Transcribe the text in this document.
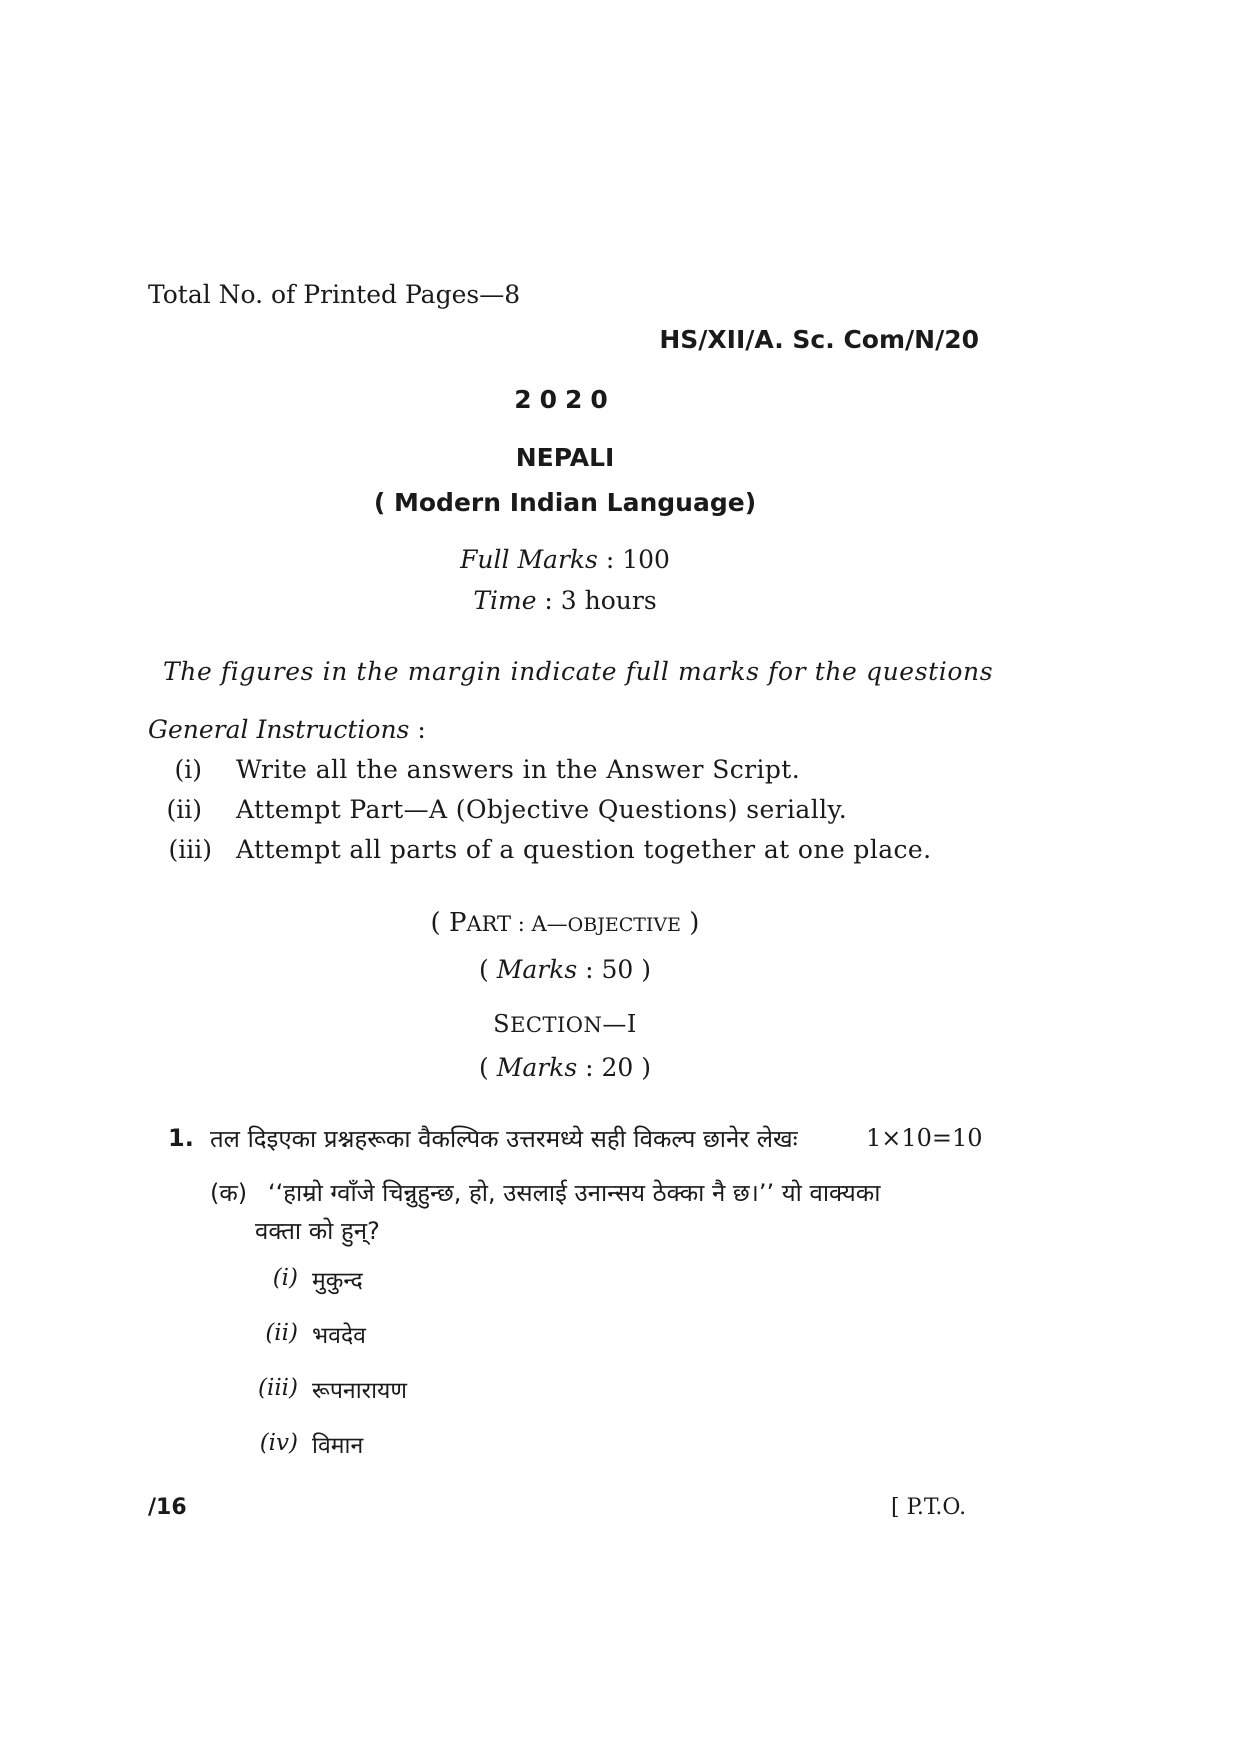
Total No. of Printed Pages—8
HS/XII/A. Sc. Com/N/20
2020
NEPALI
( Modern Indian Language)
Full Marks : 100
Time : 3 hours
The figures in the margin indicate full marks for the questions
General Instructions :
(i) Write all the answers in the Answer Script.
(ii) Attempt Part—A (Objective Questions) serially.
(iii) Attempt all parts of a question together at one place.
( PART : A—OBJECTIVE )
( Marks : 50 )
SECTION—I
( Marks : 20 )
1. तल दिइएका प्रश्नहरूका वैकल्पिक उत्तरमध्ये सही विकल्प छानेर लेखः	1×10=10
(क) ‘‘हाम्रो ग्वाँजे चिन्नुहुन्छ, हो, उसलाई उनान्सय ठेक्का नै छ।’’ यो वाक्यका
वक्ता को हुन्?
(i) मुकुन्द
(ii) भवदेव
(iii) रूपनारायण
(iv) विमान
/16	[ P.T.O.
